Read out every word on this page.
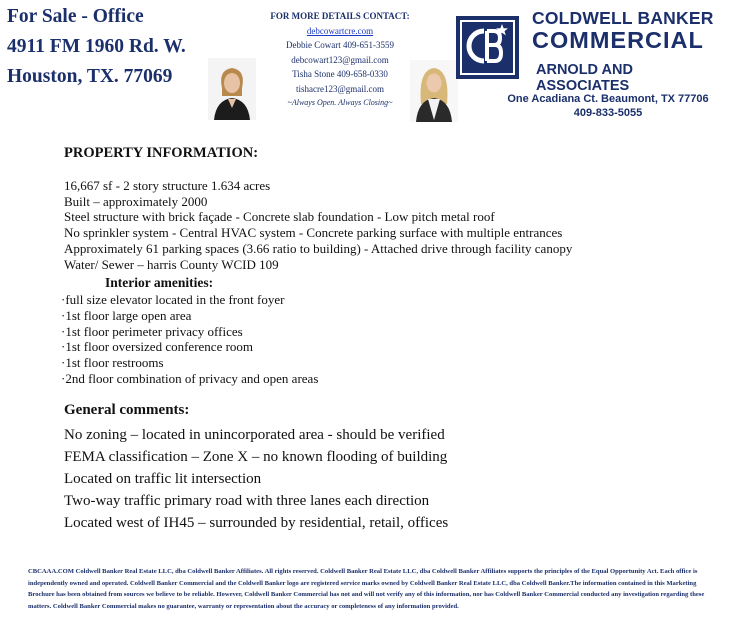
For Sale - Office
4911 FM 1960 Rd. W.
Houston, TX. 77069
FOR MORE DETAILS CONTACT:
debcowartcre.com
Debbie Cowart 409-651-3559
debcowart123@gmail.com
Tisha Stone 409-658-0330
tishacre123@gmail.com
~Always Open. Always Closing~
COLDWELL BANKER
COMMERCIAL
ARNOLD AND
ASSOCIATES
One Acadiana Ct. Beaumont, TX 77706
409-833-5055
PROPERTY INFORMATION:
16,667 sf - 2 story structure 1.634 acres
Built – approximately 2000
Steel structure with brick façade - Concrete slab foundation - Low pitch metal roof
No sprinkler system - Central HVAC system - Concrete parking surface with multiple entrances
Approximately 61 parking spaces (3.66 ratio to building) - Attached drive through facility canopy
Water/ Sewer – harris County WCID 109
Interior amenities:
·full size elevator located in the front foyer
·1st floor large open area
·1st floor perimeter privacy offices
·1st floor oversized conference room
·1st floor restrooms
·2nd floor combination of privacy and open areas
General comments:
No zoning – located in unincorporated area - should be verified
FEMA classification – Zone X – no known flooding of building
Located on traffic lit intersection
Two-way traffic primary road with three lanes each direction
Located west of IH45 – surrounded by residential, retail, offices
CBCAAA.COM Coldwell Banker Real Estate LLC, dba Coldwell Banker Affiliates. All rights reserved. Coldwell Banker Real Estate LLC, dba Coldwell Banker Affiliates supports the principles of the Equal Opportunity Act. Each office is independently owned and operated. Coldwell Banker Commercial and the Coldwell Banker logo are registered service marks owned by Coldwell Banker Real Estate LLC, dba Coldwell Banker.The information contained in this Marketing Brochure has been obtained from sources we believe to be reliable. However, Coldwell Banker Commercial has not and will not verify any of this information, nor has Coldwell Banker Commercial conducted any investigation regarding these matters. Coldwell Banker Commercial makes no guarantee, warranty or representation about the accuracy or completeness of any information provided.
